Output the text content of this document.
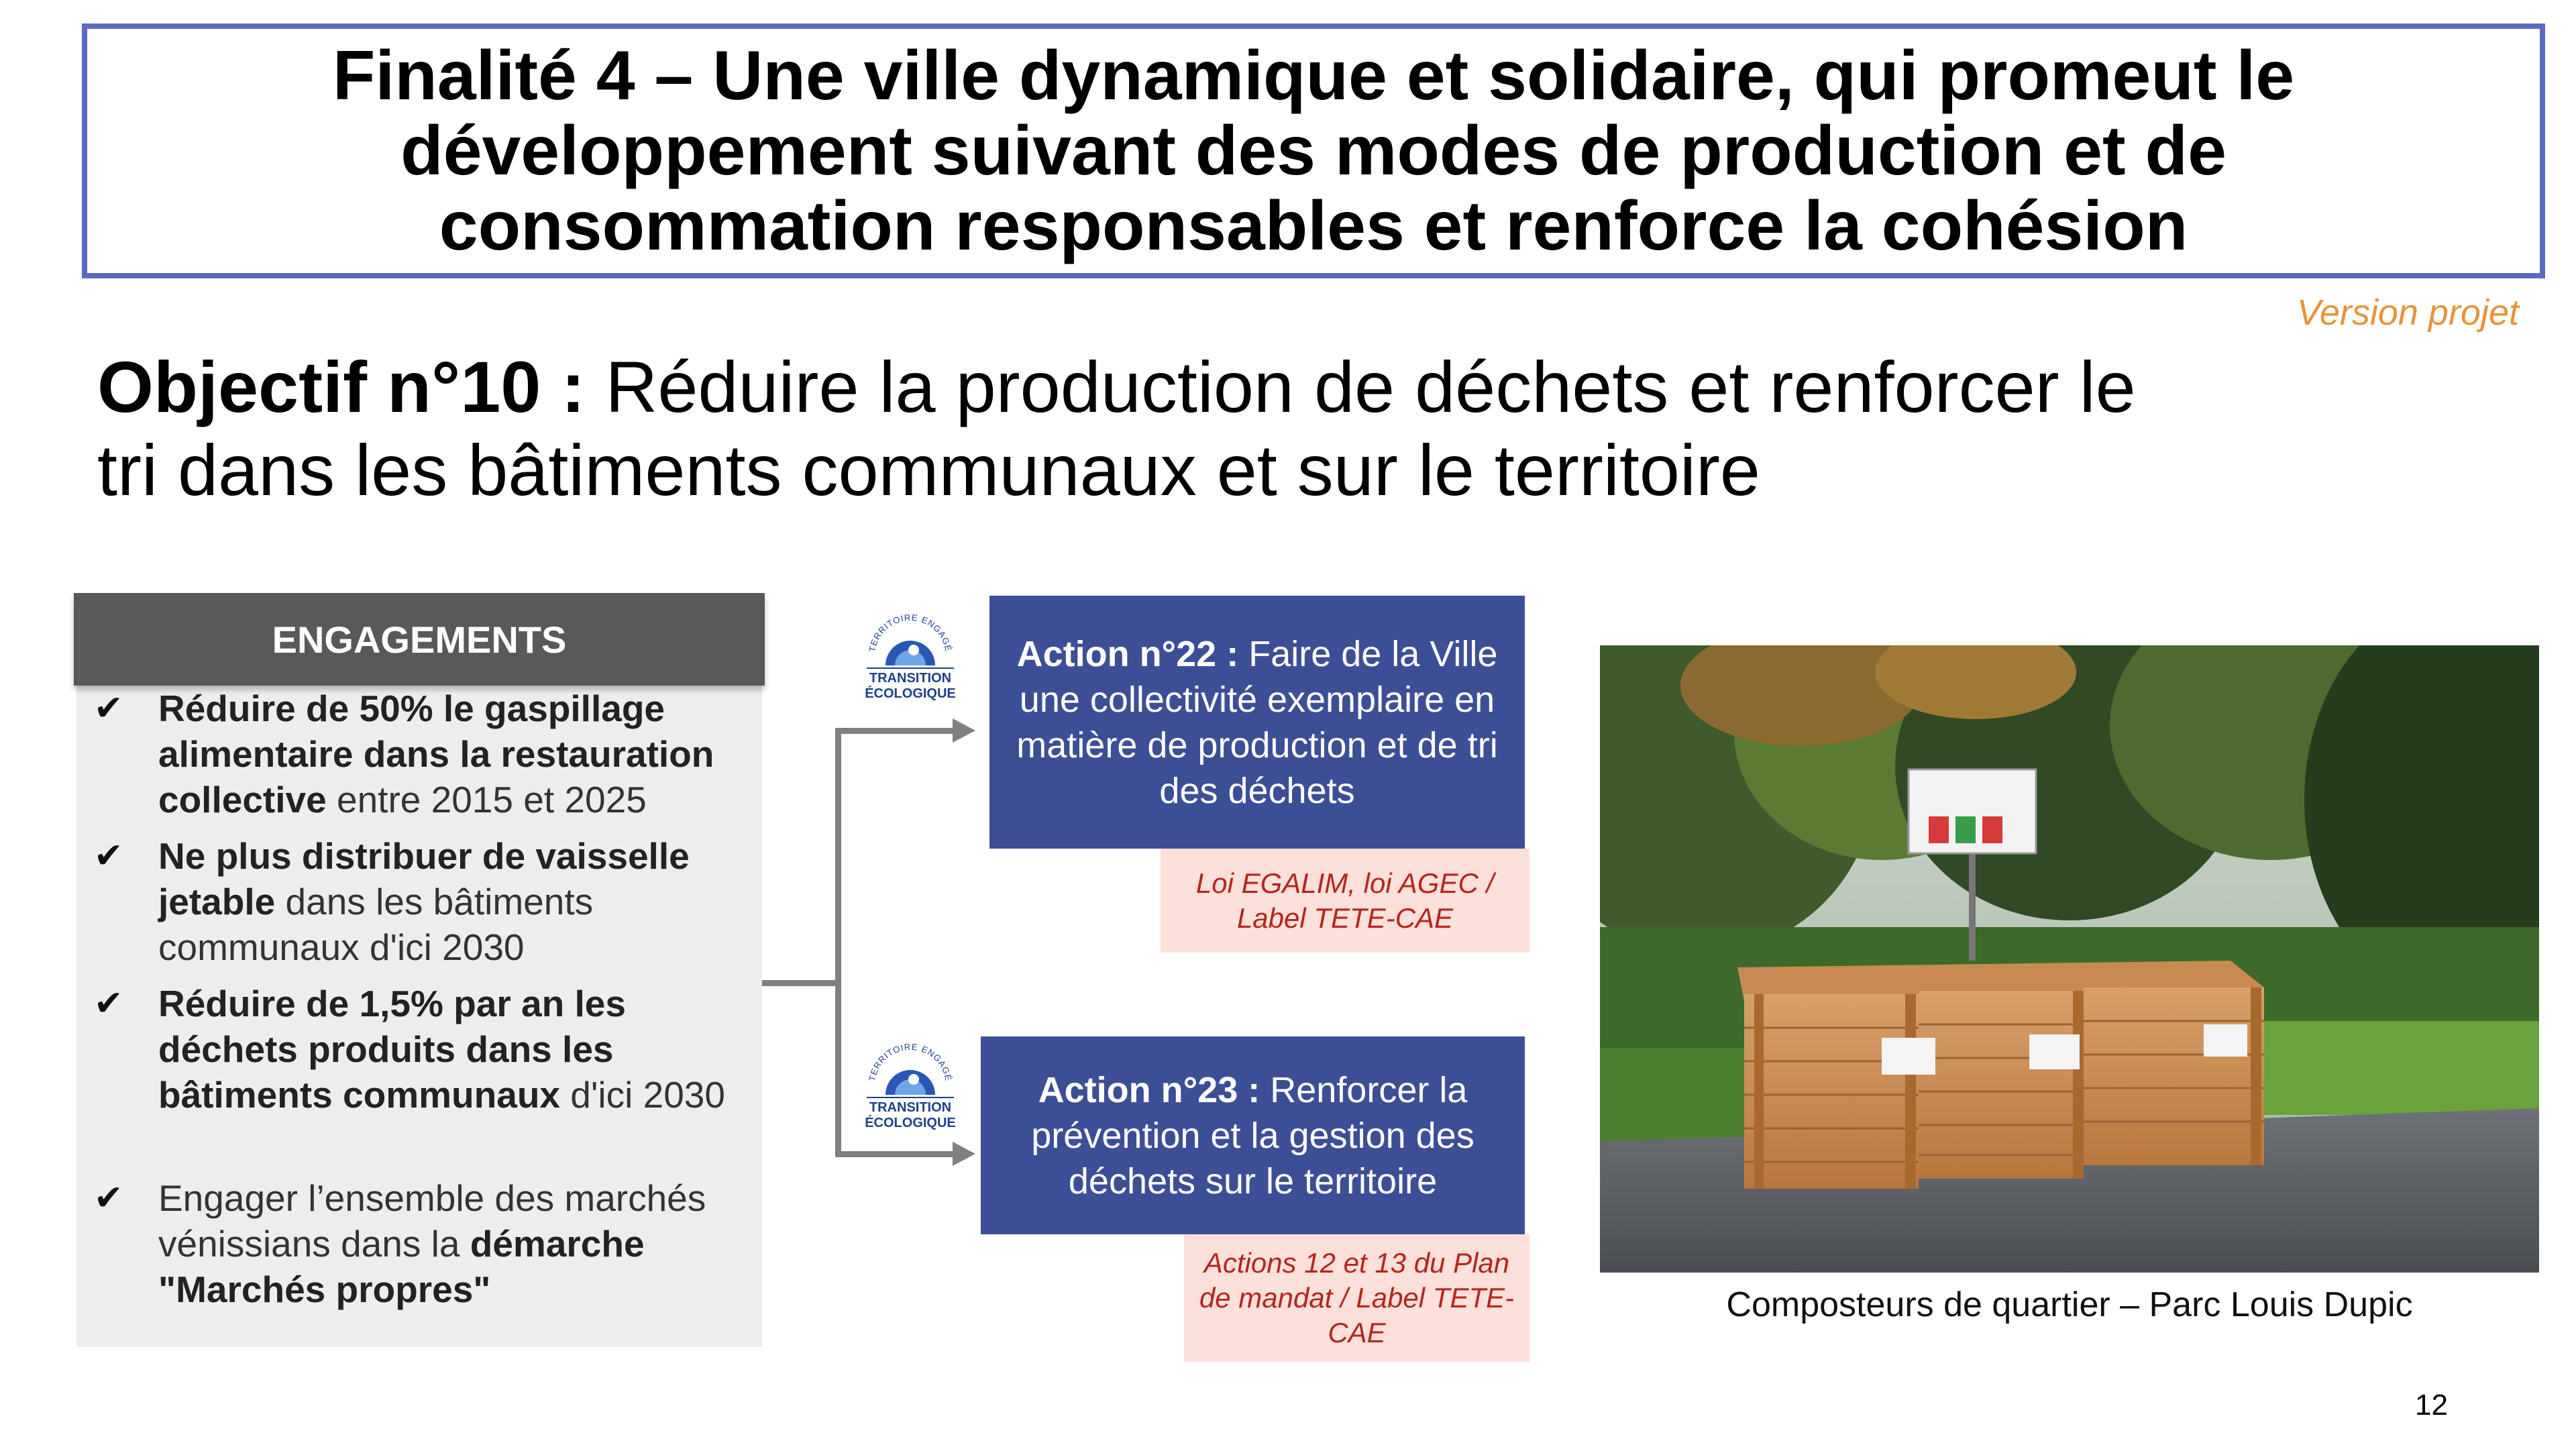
Finalité 4 – Une ville dynamique et solidaire, qui promeut le
développement suivant des modes de production et de
consommation responsables et renforce la cohésion
Version projet
Objectif n°10 : Réduire la production de déchets et renforcer le
tri dans les bâtiments communaux et sur le territoire
ENGAGEMENTS
✔ Réduire de 50% le gaspillage alimentaire dans la restauration collective entre 2015 et 2025
✔ Ne plus distribuer de vaisselle jetable dans les bâtiments communaux d'ici 2030
✔ Réduire de 1,5% par an les déchets produits dans les bâtiments communaux d'ici 2030
✔ Engager l’ensemble des marchés vénissians dans la démarche "Marchés propres"
TERRITOIRE ENGAGÉ
TRANSITION
ÉCOLOGIQUE
TERRITOIRE ENGAGÉ
TRANSITION
ÉCOLOGIQUE
Action n°22 : Faire de la Ville une collectivité exemplaire en matière de production et de tri des déchets
Loi EGALIM, loi AGEC / Label TETE-CAE
Action n°23 : Renforcer la prévention et la gestion des déchets sur le territoire
Actions 12 et 13 du Plan de mandat / Label TETE-CAE
Composteurs de quartier – Parc Louis Dupic
12
